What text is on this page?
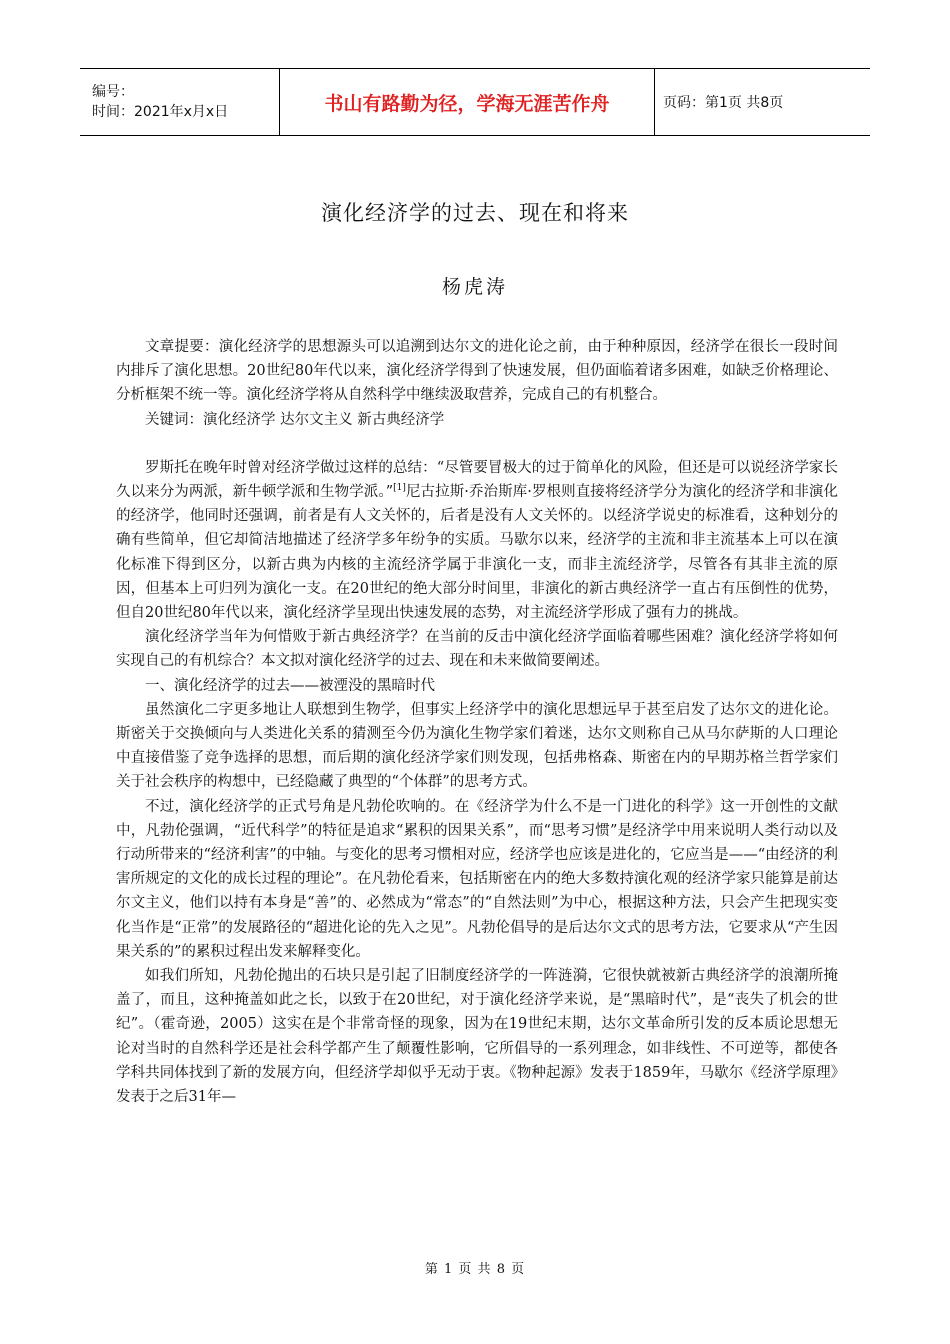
编号：
时间：2021年x月x日	书山有路勤为径，学海无涯苦作舟	页码：第1页 共8页
演化经济学的过去、现在和将来
杨虎涛

文章提要：演化经济学的思想源头可以追溯到达尔文的进化论之前，由于种种原因，经济学在很长一段时间内排斥了演化思想。20世纪80年代以来，演化经济学得到了快速发展，但仍面临着诸多困难，如缺乏价格理论、分析框架不统一等。演化经济学将从自然科学中继续汲取营养，完成自己的有机整合。

关键词：演化经济学 达尔文主义 新古典经济学

罗斯托在晚年时曾对经济学做过这样的总结：“尽管要冒极大的过于简单化的风险，但还是可以说经济学家长久以来分为两派，新牛顿学派和生物学派。”[1]尼古拉斯·乔治斯库·罗根则直接将经济学分为演化的经济学和非演化的经济学，他同时还强调，前者是有人文关怀的，后者是没有人文关怀的。以经济学说史的标准看，这种划分的确有些简单，但它却简洁地描述了经济学多年纷争的实质。马歇尔以来，经济学的主流和非主流基本上可以在演化标准下得到区分，以新古典为内核的主流经济学属于非演化一支，而非主流经济学，尽管各有其非主流的原因，但基本上可归列为演化一支。在20世纪的绝大部分时间里，非演化的新古典经济学一直占有压倒性的优势，但自20世纪80年代以来，演化经济学呈现出快速发展的态势，对主流经济学形成了强有力的挑战。

演化经济学当年为何惜败于新古典经济学？在当前的反击中演化经济学面临着哪些困难？演化经济学将如何实现自己的有机综合？本文拟对演化经济学的过去、现在和未来做简要阐述。

一、演化经济学的过去——被湮没的黑暗时代

虽然演化二字更多地让人联想到生物学，但事实上经济学中的演化思想远早于甚至启发了达尔文的进化论。斯密关于交换倾向与人类进化关系的猜测至今仍为演化生物学家们着迷，达尔文则称自己从马尔萨斯的人口理论中直接借鉴了竞争选择的思想，而后期的演化经济学家们则发现，包括弗格森、斯密在内的早期苏格兰哲学家们关于社会秩序的构想中，已经隐藏了典型的“个体群”的思考方式。

不过，演化经济学的正式号角是凡勃伦吹响的。在《经济学为什么不是一门进化的科学》这一开创性的文献中，凡勃伦强调，“近代科学”的特征是追求“累积的因果关系”，而“思考习惯”是经济学中用来说明人类行动以及行动所带来的“经济利害”的中轴。与变化的思考习惯相对应，经济学也应该是进化的，它应当是——“由经济的利害所规定的文化的成长过程的理论”。在凡勃伦看来，包括斯密在内的绝大多数持演化观的经济学家只能算是前达尔文主义，他们以持有本身是“善”的、必然成为“常态”的“自然法则”为中心，根据这种方法，只会产生把现实变化当作是“正常”的发展路径的“超进化论的先入之见”。凡勃伦倡导的是后达尔文式的思考方法，它要求从“产生因果关系的”的累积过程出发来解释变化。

如我们所知，凡勃伦抛出的石块只是引起了旧制度经济学的一阵涟漪，它很快就被新古典经济学的浪潮所掩盖了，而且，这种掩盖如此之长，以致于在20世纪，对于演化经济学来说，是“黑暗时代”，是“丧失了机会的世纪”。（霍奇逊，2005）这实在是个非常奇怪的现象，因为在19世纪末期，达尔文革命所引发的反本质论思想无论对当时的自然科学还是社会科学都产生了颠覆性影响，它所倡导的一系列理念，如非线性、不可逆等，都使各学科共同体找到了新的发展方向，但经济学却似乎无动于衷。《物种起源》发表于1859年，马歇尔《经济学原理》发表于之后31年—

第 1 页 共 8 页
